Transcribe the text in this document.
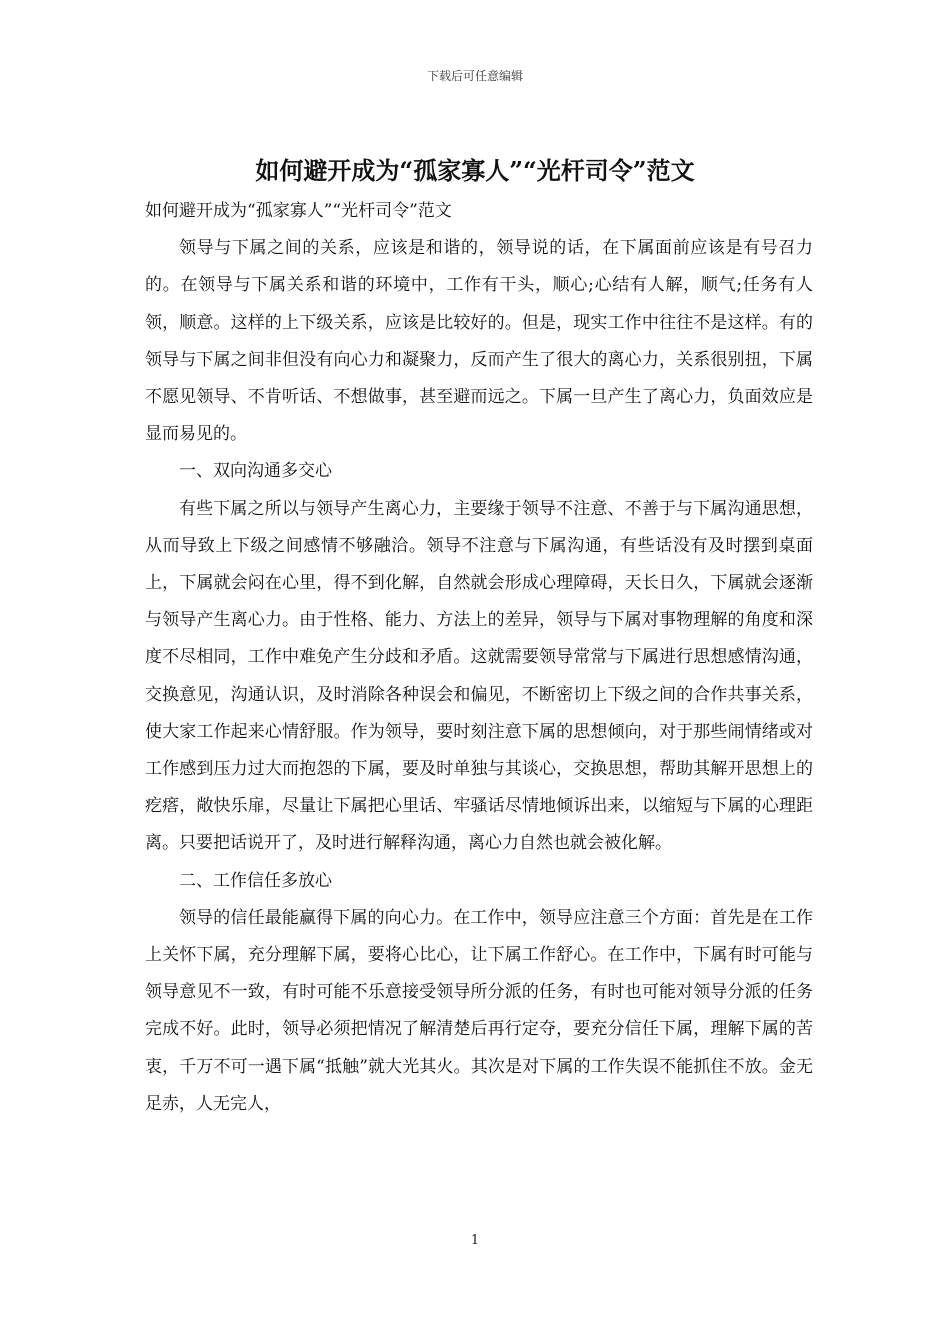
下载后可任意编辑
如何避开成为“孤家寡人”“光杆司令”范文

如何避开成为“孤家寡人”“光杆司令”范文

领导与下属之间的关系，应该是和谐的，领导说的话，在下属面前应该是有号召力的。在领导与下属关系和谐的环境中，工作有干头，顺心;心结有人解，顺气;任务有人领，顺意。这样的上下级关系，应该是比较好的。但是，现实工作中往往不是这样。有的领导与下属之间非但没有向心力和凝聚力，反而产生了很大的离心力，关系很别扭，下属不愿见领导、不肯听话、不想做事，甚至避而远之。下属一旦产生了离心力，负面效应是显而易见的。

一、双向沟通多交心

有些下属之所以与领导产生离心力，主要缘于领导不注意、不善于与下属沟通思想，从而导致上下级之间感情不够融洽。领导不注意与下属沟通，有些话没有及时摆到桌面上，下属就会闷在心里，得不到化解，自然就会形成心理障碍，天长日久，下属就会逐渐与领导产生离心力。由于性格、能力、方法上的差异，领导与下属对事物理解的角度和深度不尽相同，工作中难免产生分歧和矛盾。这就需要领导常常与下属进行思想感情沟通，交换意见，沟通认识，及时消除各种误会和偏见，不断密切上下级之间的合作共事关系，使大家工作起来心情舒服。作为领导，要时刻注意下属的思想倾向，对于那些闹情绪或对工作感到压力过大而抱怨的下属，要及时单独与其谈心，交换思想，帮助其解开思想上的疙瘩，敞快乐扉，尽量让下属把心里话、牢骚话尽情地倾诉出来，以缩短与下属的心理距离。只要把话说开了，及时进行解释沟通，离心力自然也就会被化解。

二、工作信任多放心

领导的信任最能赢得下属的向心力。在工作中，领导应注意三个方面：首先是在工作上关怀下属，充分理解下属，要将心比心，让下属工作舒心。在工作中，下属有时可能与领导意见不一致，有时可能不乐意接受领导所分派的任务，有时也可能对领导分派的任务完成不好。此时，领导必须把情况了解清楚后再行定夺，要充分信任下属，理解下属的苦衷，千万不可一遇下属“抵触”就大光其火。其次是对下属的工作失误不能抓住不放。金无足赤，人无完人，

1
